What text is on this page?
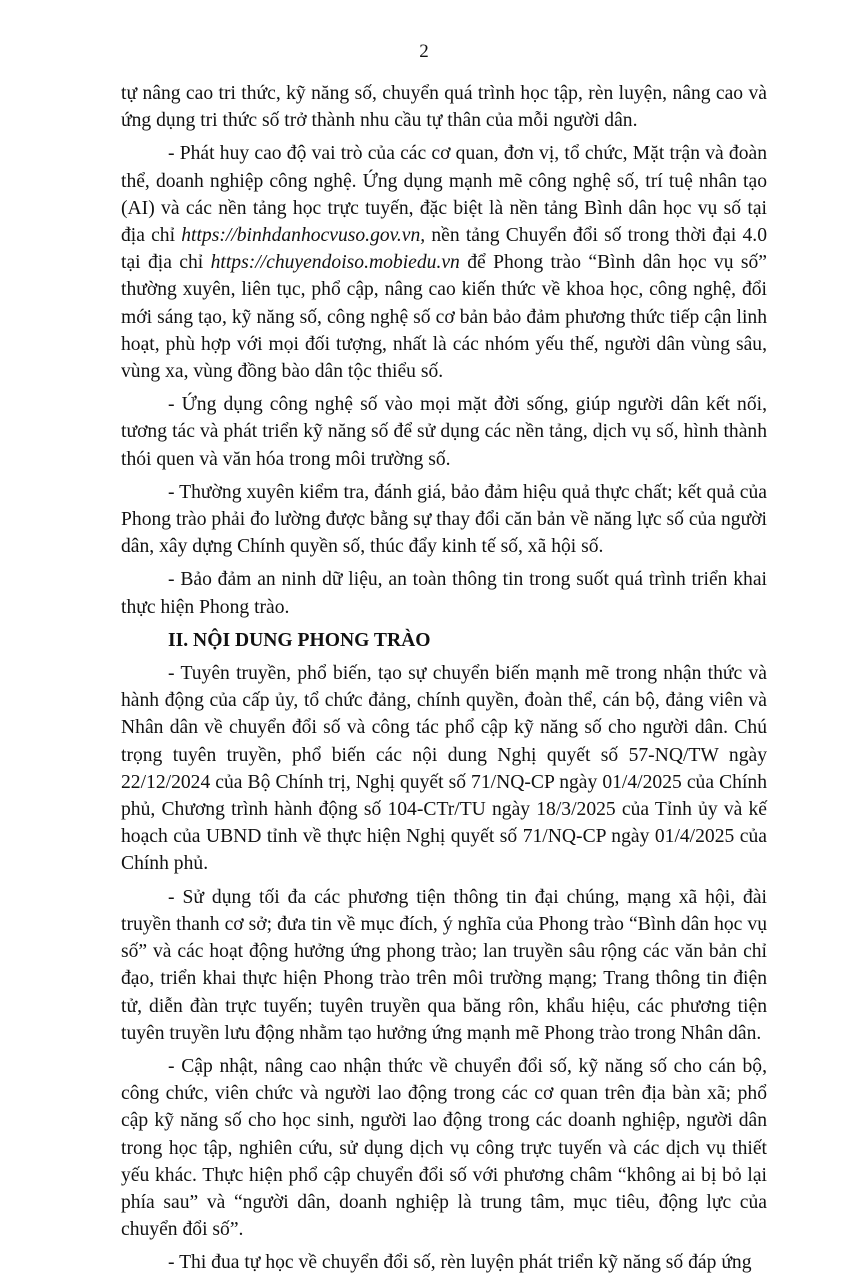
2

tự nâng cao tri thức, kỹ năng số, chuyển quá trình học tập, rèn luyện, nâng cao và ứng dụng tri thức số trở thành nhu cầu tự thân của mỗi người dân.

- Phát huy cao độ vai trò của các cơ quan, đơn vị, tổ chức, Mặt trận và đoàn thể, doanh nghiệp công nghệ. Ứng dụng mạnh mẽ công nghệ số, trí tuệ nhân tạo (AI) và các nền tảng học trực tuyến, đặc biệt là nền tảng Bình dân học vụ số tại địa chỉ https://binhdanhocvuso.gov.vn, nền tảng Chuyển đổi số trong thời đại 4.0 tại địa chỉ https://chuyendoiso.mobiedu.vn để Phong trào “Bình dân học vụ số” thường xuyên, liên tục, phổ cập, nâng cao kiến thức về khoa học, công nghệ, đổi mới sáng tạo, kỹ năng số, công nghệ số cơ bản bảo đảm phương thức tiếp cận linh hoạt, phù hợp với mọi đối tượng, nhất là các nhóm yếu thế, người dân vùng sâu, vùng xa, vùng đồng bào dân tộc thiểu số.

- Ứng dụng công nghệ số vào mọi mặt đời sống, giúp người dân kết nối, tương tác và phát triển kỹ năng số để sử dụng các nền tảng, dịch vụ số, hình thành thói quen và văn hóa trong môi trường số.

- Thường xuyên kiểm tra, đánh giá, bảo đảm hiệu quả thực chất; kết quả của Phong trào phải đo lường được bằng sự thay đổi căn bản về năng lực số của người dân, xây dựng Chính quyền số, thúc đẩy kinh tế số, xã hội số.

- Bảo đảm an ninh dữ liệu, an toàn thông tin trong suốt quá trình triển khai thực hiện Phong trào.

II. NỘI DUNG PHONG TRÀO

- Tuyên truyền, phổ biến, tạo sự chuyển biến mạnh mẽ trong nhận thức và hành động của cấp ủy, tổ chức đảng, chính quyền, đoàn thể, cán bộ, đảng viên và Nhân dân về chuyển đổi số và công tác phổ cập kỹ năng số cho người dân. Chú trọng tuyên truyền, phổ biến các nội dung Nghị quyết số 57-NQ/TW ngày 22/12/2024 của Bộ Chính trị, Nghị quyết số 71/NQ-CP ngày 01/4/2025 của Chính phủ, Chương trình hành động số 104-CTr/TU ngày 18/3/2025 của Tỉnh ủy và kế hoạch của UBND tỉnh về thực hiện Nghị quyết số 71/NQ-CP ngày 01/4/2025 của Chính phủ.

- Sử dụng tối đa các phương tiện thông tin đại chúng, mạng xã hội, đài truyền thanh cơ sở; đưa tin về mục đích, ý nghĩa của Phong trào “Bình dân học vụ số” và các hoạt động hưởng ứng phong trào; lan truyền sâu rộng các văn bản chỉ đạo, triển khai thực hiện Phong trào trên môi trường mạng; Trang thông tin điện tử, diễn đàn trực tuyến; tuyên truyền qua băng rôn, khẩu hiệu, các phương tiện tuyên truyền lưu động nhằm tạo hưởng ứng mạnh mẽ Phong trào trong Nhân dân.

- Cập nhật, nâng cao nhận thức về chuyển đổi số, kỹ năng số cho cán bộ, công chức, viên chức và người lao động trong các cơ quan trên địa bàn xã; phổ cập kỹ năng số cho học sinh, người lao động trong các doanh nghiệp, người dân trong học tập, nghiên cứu, sử dụng dịch vụ công trực tuyến và các dịch vụ thiết yếu khác. Thực hiện phổ cập chuyển đổi số với phương châm “không ai bị bỏ lại phía sau” và “người dân, doanh nghiệp là trung tâm, mục tiêu, động lực của chuyển đổi số”.

- Thi đua tự học về chuyển đổi số, rèn luyện phát triển kỹ năng số đáp ứng
